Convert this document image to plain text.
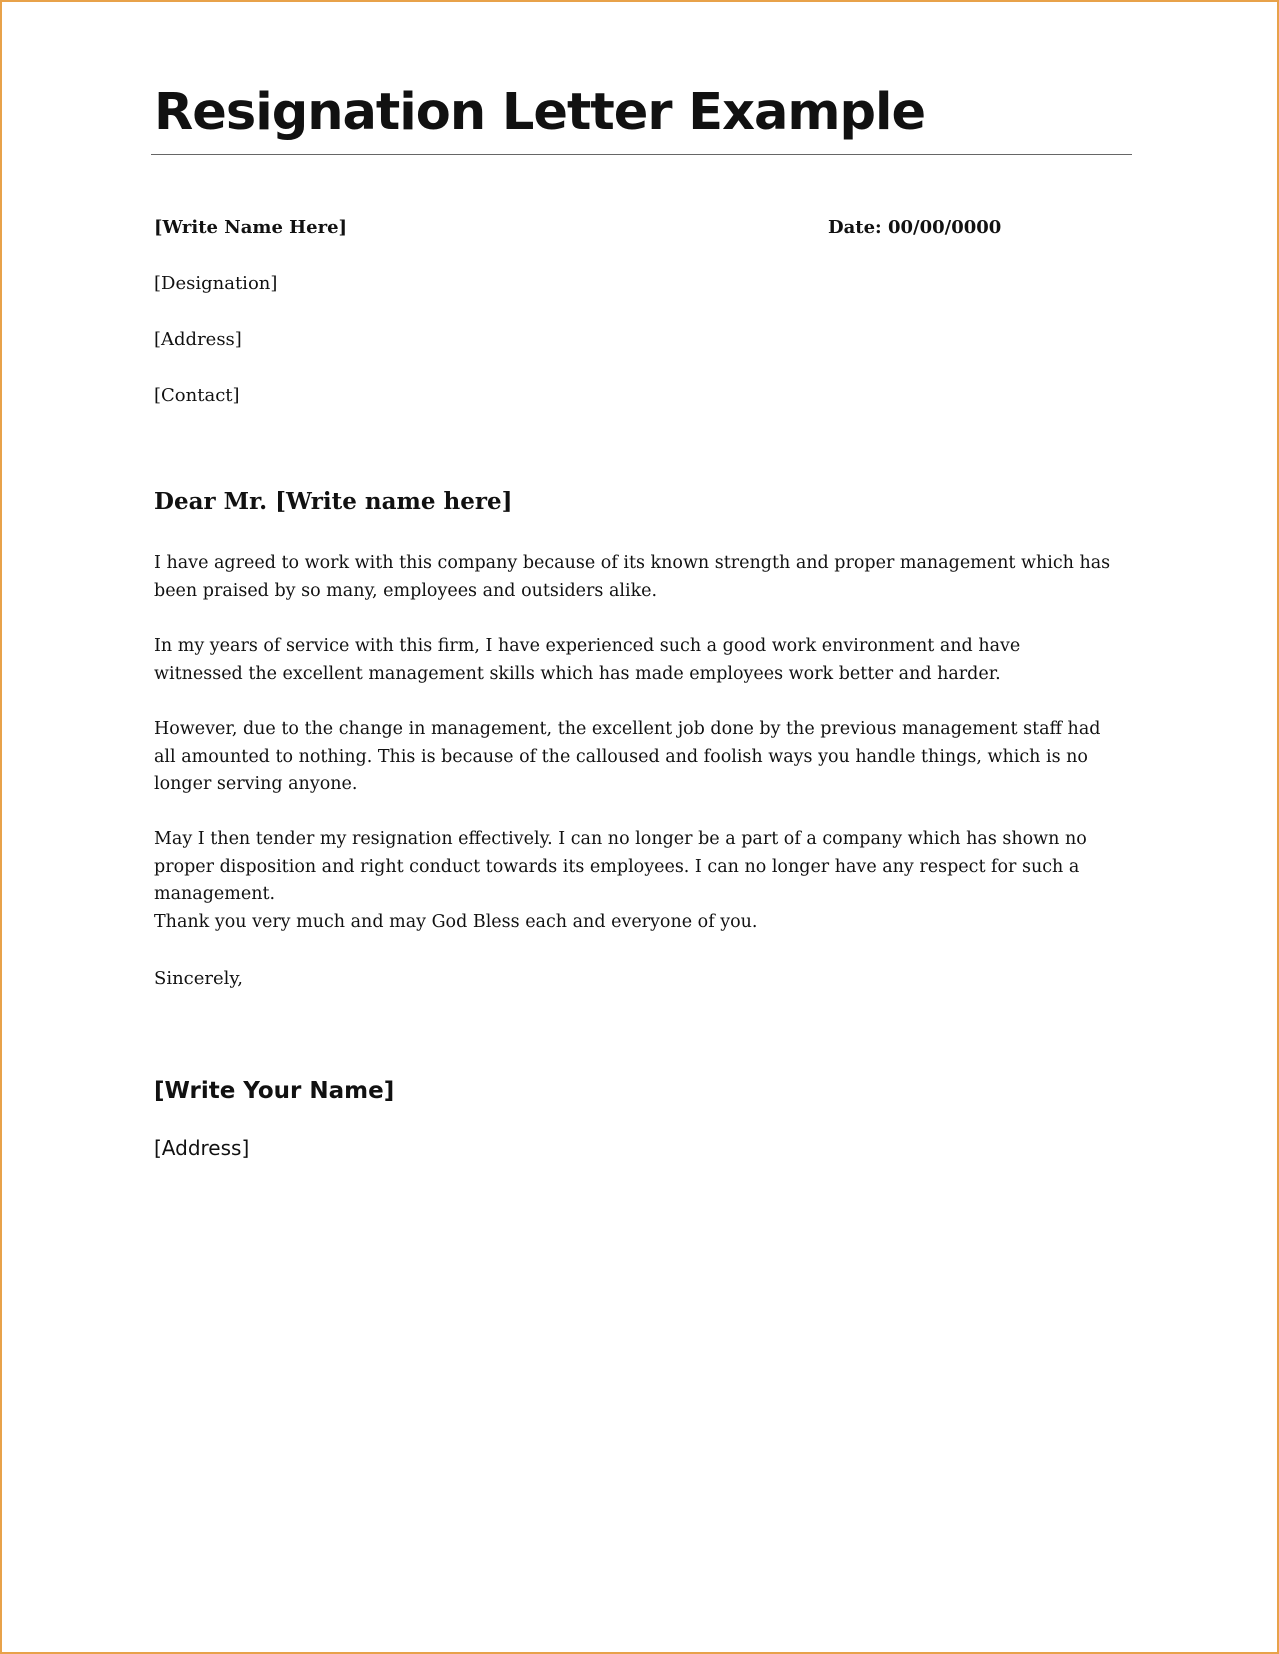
Resignation Letter Example
[Write Name Here]	Date: 00/00/0000
[Designation]
[Address]
[Contact]
Dear Mr. [Write name here]

I have agreed to work with this company because of its known strength and proper management which has been praised by so many, employees and outsiders alike.

In my years of service with this firm, I have experienced such a good work environment and have witnessed the excellent management skills which has made employees work better and harder.

However, due to the change in management, the excellent job done by the previous management staff had all amounted to nothing. This is because of the calloused and foolish ways you handle things, which is no longer serving anyone.

May I then tender my resignation effectively. I can no longer be a part of a company which has shown no proper disposition and right conduct towards its employees. I can no longer have any respect for such a management.

Thank you very much and may God Bless each and everyone of you.

Sincerely,
[Write Your Name]
[Address]
